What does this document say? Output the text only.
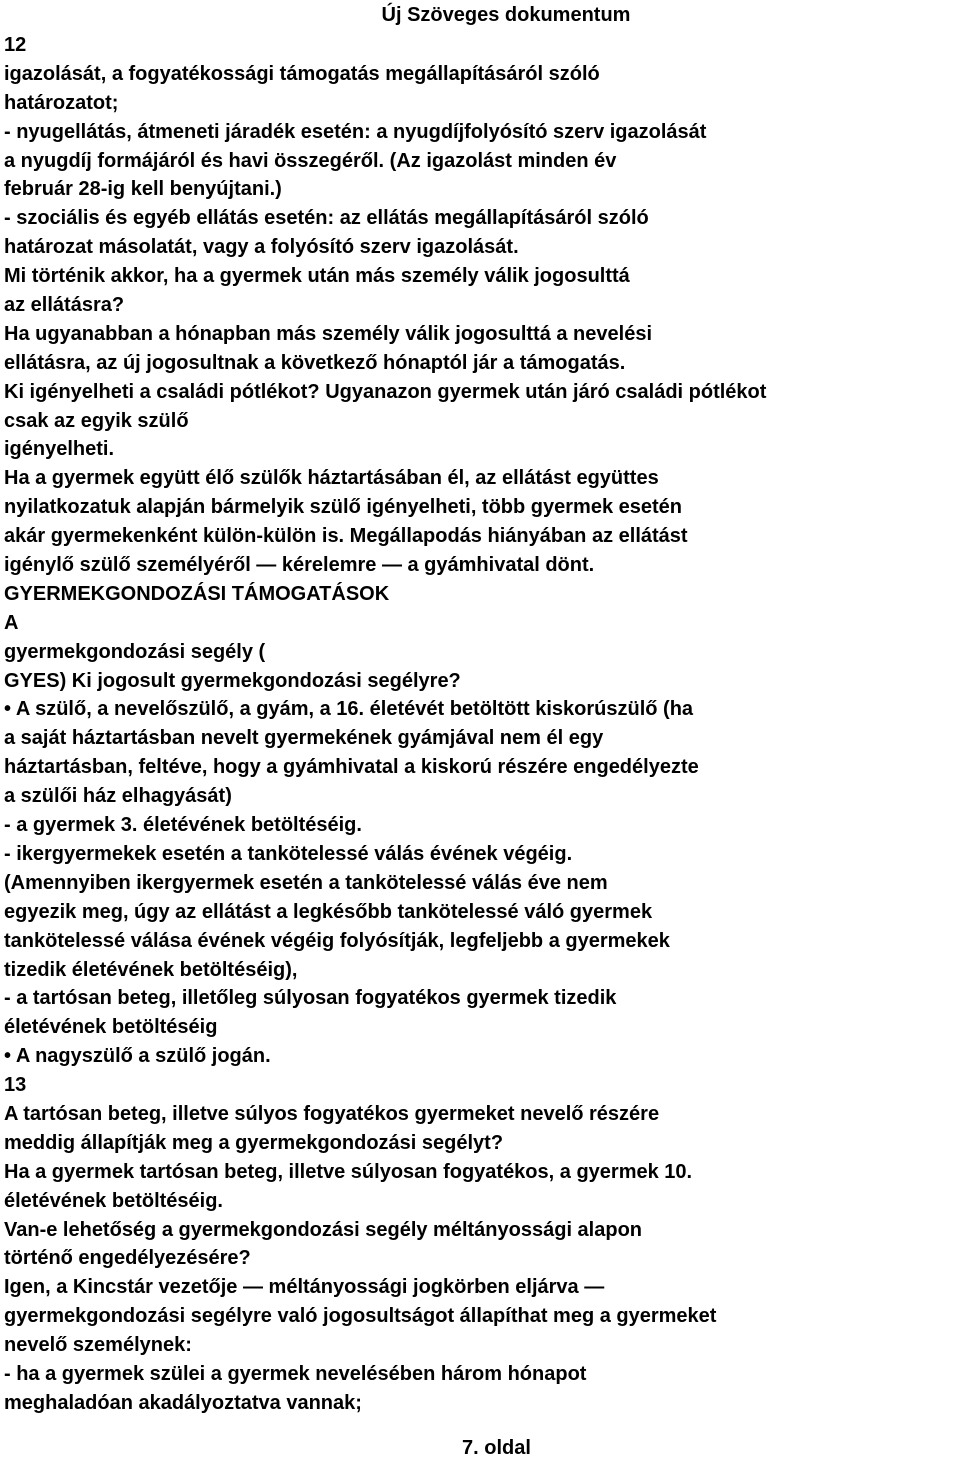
Új Szöveges dokumentum
12
igazolását, a fogyatékossági támogatás megállapításáról szóló
határozatot;
- nyugellátás, átmeneti járadék esetén: a nyugdíjfolyósító szerv igazolását
a nyugdíj formájáról és havi összegéről. (Az igazolást minden év
február 28-ig kell benyújtani.)
- szociális és egyéb ellátás esetén: az ellátás megállapításáról szóló
határozat másolatát, vagy a folyósító szerv igazolását.
Mi történik akkor, ha a gyermek után más személy válik jogosulttá
az ellátásra?
Ha ugyanabban a hónapban más személy válik jogosulttá a nevelési
ellátásra, az új jogosultnak a következő hónaptól jár a támogatás.
Ki igényelheti a családi pótlékot? Ugyanazon gyermek után járó családi pótlékot
csak az egyik szülő
igényelheti.
Ha a gyermek együtt élő szülők háztartásában él, az ellátást együttes
nyilatkozatuk alapján bármelyik szülő igényelheti, több gyermek esetén
akár gyermekenként külön-külön is. Megállapodás hiányában az ellátást
igénylő szülő személyéről — kérelemre — a gyámhivatal dönt.
GYERMEKGONDOZÁSI TÁMOGATÁSOK
A
gyermekgondozási segély (
GYES) Ki jogosult gyermekgondozási segélyre?
• A szülő, a nevelőszülő, a gyám, a 16. életévét betöltött kiskorúszülő (ha
a saját háztartásban nevelt gyermekének gyámjával nem él egy
háztartásban, feltéve, hogy a gyámhivatal a kiskorú részére engedélyezte
a szülői ház elhagyását)
- a gyermek 3. életévének betöltéséig.
- ikergyermekek esetén a tankötelessé válás évének végéig.
(Amennyiben ikergyermek esetén a tankötelessé válás éve nem
egyezik meg, úgy az ellátást a legkésőbb tankötelessé váló gyermek
tankötelessé válása évének végéig folyósítják, legfeljebb a gyermekek
tizedik életévének betöltéséig),
- a tartósan beteg, illetőleg súlyosan fogyatékos gyermek tizedik
életévének betöltéséig
• A nagyszülő a szülő jogán.
13
A tartósan beteg, illetve súlyos fogyatékos gyermeket nevelő részére
meddig állapítják meg a gyermekgondozási segélyt?
Ha a gyermek tartósan beteg, illetve súlyosan fogyatékos, a gyermek 10.
életévének betöltéséig.
Van-e lehetőség a gyermekgondozási segély méltányossági alapon
történő engedélyezésére?
Igen, a Kincstár vezetője — méltányossági jogkörben eljárva —
gyermekgondozási segélyre való jogosultságot állapíthat meg a gyermeket
nevelő személynek:
- ha a gyermek szülei a gyermek nevelésében három hónapot
meghaladóan akadályoztatva vannak;
7. oldal
